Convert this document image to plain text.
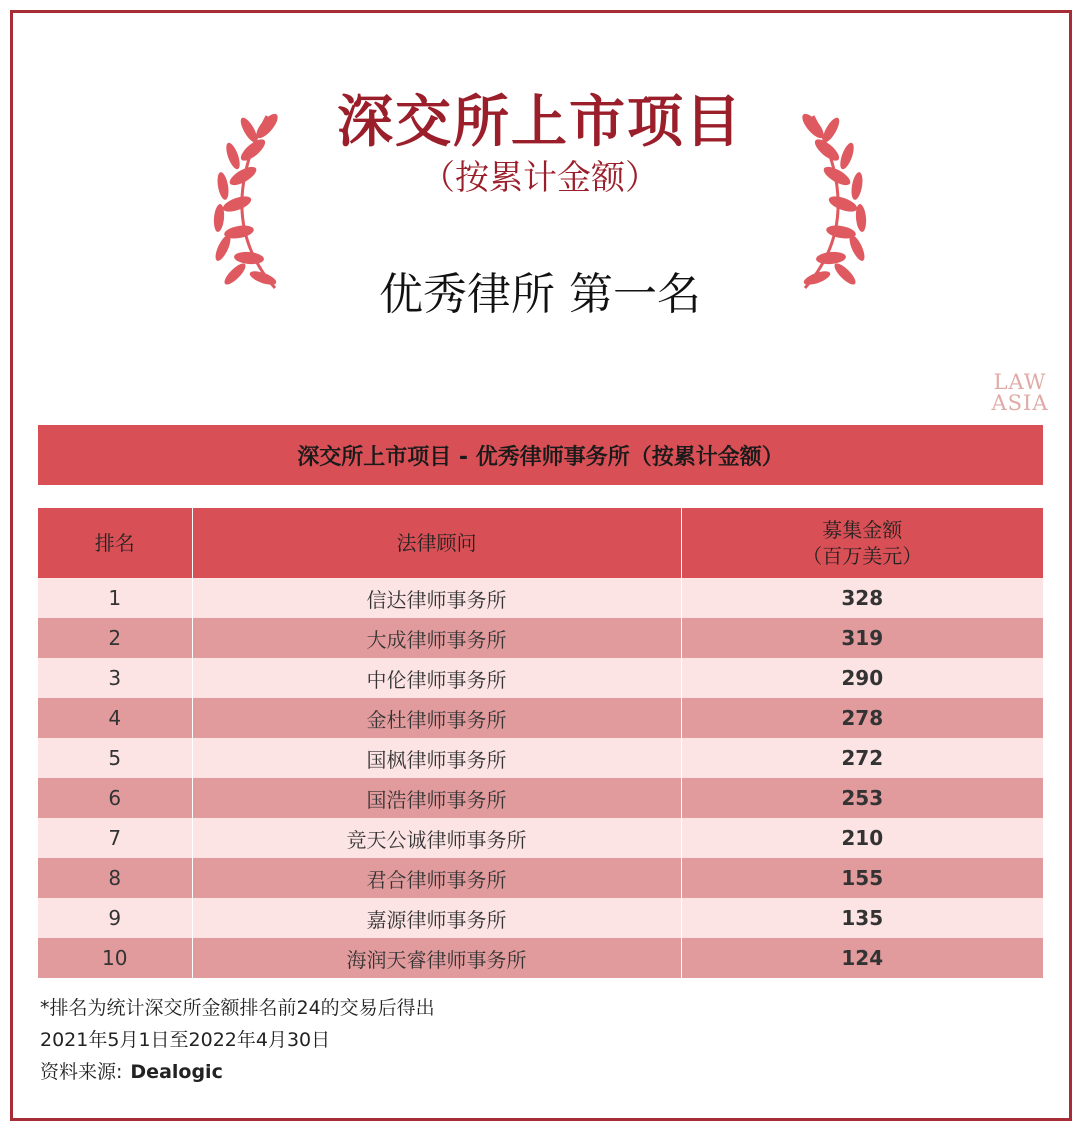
深交所上市项目
（按累计金额）
优秀律所 第一名
LAW
ASIA
深交所上市项目 - 优秀律师事务所（按累计金额）
排名	法律顾问	募集金额
（百万美元）

1	信达律师事务所	328
2	大成律师事务所	319
3	中伦律师事务所	290
4	金杜律师事务所	278
5	国枫律师事务所	272
6	国浩律师事务所	253
7	竞天公诚律师事务所	210
8	君合律师事务所	155
9	嘉源律师事务所	135
10	海润天睿律师事务所	124
*排名为统计深交所金额排名前24的交易后得出
2021年5月1日至2022年4月30日
资料来源: Dealogic
